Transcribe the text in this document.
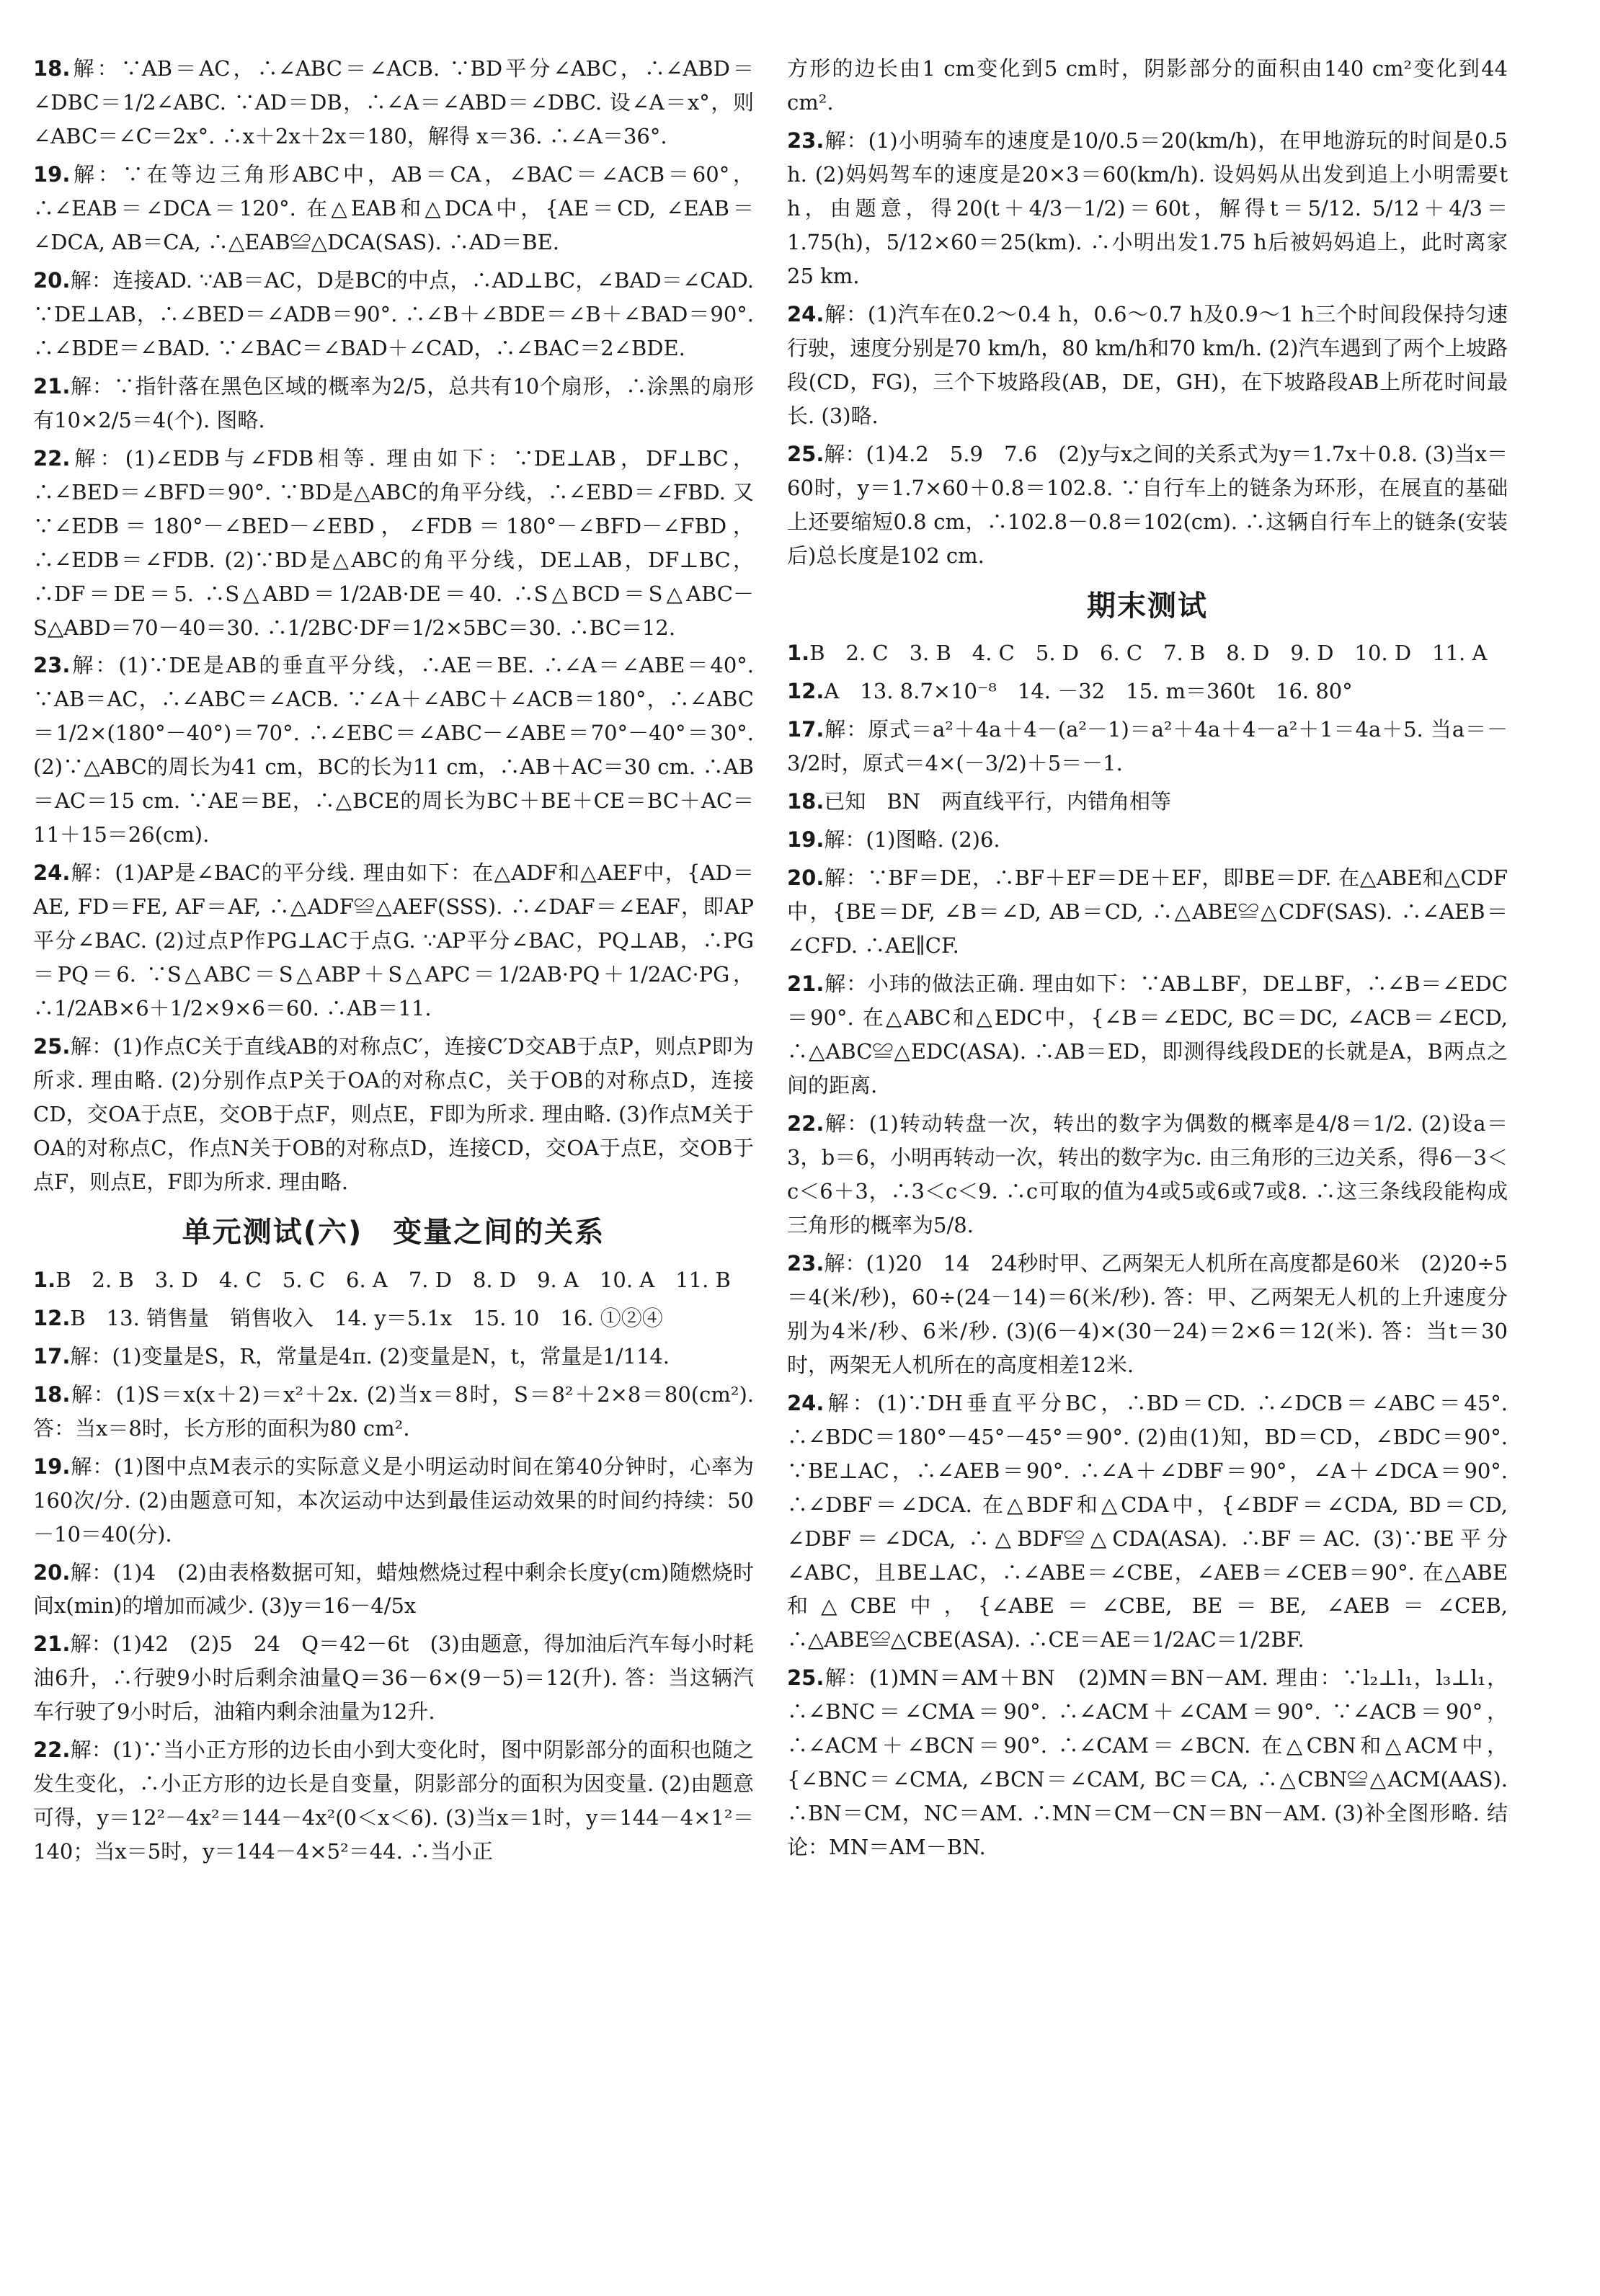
18.解：∵AB＝AC，∴∠ABC＝∠ACB. ∵BD平分∠ABC，∴∠ABD＝∠DBC＝1/2∠ABC. ∵AD＝DB，∴∠A＝∠ABD＝∠DBC. 设∠A＝x°，则∠ABC＝∠C＝2x°. ∴x＋2x＋2x＝180，解得 x＝36. ∴∠A＝36°.
19.解：∵在等边三角形ABC中，AB＝CA，∠BAC＝∠ACB＝60°，∴∠EAB＝∠DCA＝120°. 在△EAB和△DCA中，{AE＝CD, ∠EAB＝∠DCA, AB＝CA, ∴△EAB≌△DCA(SAS). ∴AD＝BE.
20.解：连接AD. ∵AB＝AC，D是BC的中点，∴AD⊥BC，∠BAD＝∠CAD. ∵DE⊥AB，∴∠BED＝∠ADB＝90°. ∴∠B＋∠BDE＝∠B＋∠BAD＝90°. ∴∠BDE＝∠BAD. ∵∠BAC＝∠BAD＋∠CAD，∴∠BAC＝2∠BDE.
21.解：∵指针落在黑色区域的概率为2/5，总共有10个扇形，∴涂黑的扇形有10×2/5＝4(个). 图略.
22.解：(1)∠EDB与∠FDB相等. 理由如下：∵DE⊥AB，DF⊥BC，∴∠BED＝∠BFD＝90°. ∵BD是△ABC的角平分线，∴∠EBD＝∠FBD. 又∵∠EDB＝180°－∠BED－∠EBD，∠FDB＝180°－∠BFD－∠FBD，∴∠EDB＝∠FDB. (2)∵BD是△ABC的角平分线，DE⊥AB，DF⊥BC，∴DF＝DE＝5. ∴S△ABD＝1/2AB·DE＝40. ∴S△BCD＝S△ABC－S△ABD＝70－40＝30. ∴1/2BC·DF＝1/2×5BC＝30. ∴BC＝12.
23.解：(1)∵DE是AB的垂直平分线，∴AE＝BE. ∴∠A＝∠ABE＝40°. ∵AB＝AC，∴∠ABC＝∠ACB. ∵∠A＋∠ABC＋∠ACB＝180°，∴∠ABC＝1/2×(180°－40°)＝70°. ∴∠EBC＝∠ABC－∠ABE＝70°－40°＝30°. (2)∵△ABC的周长为41 cm，BC的长为11 cm，∴AB＋AC＝30 cm. ∴AB＝AC＝15 cm. ∵AE＝BE，∴△BCE的周长为BC＋BE＋CE＝BC＋AC＝11＋15＝26(cm).
24.解：(1)AP是∠BAC的平分线. 理由如下：在△ADF和△AEF中，{AD＝AE, FD＝FE, AF＝AF, ∴△ADF≌△AEF(SSS). ∴∠DAF＝∠EAF，即AP平分∠BAC. (2)过点P作PG⊥AC于点G. ∵AP平分∠BAC，PQ⊥AB，∴PG＝PQ＝6. ∵S△ABC＝S△ABP＋S△APC＝1/2AB·PQ＋1/2AC·PG，∴1/2AB×6＋1/2×9×6＝60. ∴AB＝11.
25.解：(1)作点C关于直线AB的对称点C′，连接C′D交AB于点P，则点P即为所求. 理由略. (2)分别作点P关于OA的对称点C，关于OB的对称点D，连接CD，交OA于点E，交OB于点F，则点E，F即为所求. 理由略. (3)作点M关于OA的对称点C，作点N关于OB的对称点D，连接CD，交OA于点E，交OB于点F，则点E，F即为所求. 理由略.
单元测试(六)　变量之间的关系
1.B　2. B　3. D　4. C　5. C　6. A　7. D　8. D　9. A　10. A　11. B
12.B　13. 销售量　销售收入　14. y＝5.1x　15. 10　16. ①②④
17.解：(1)变量是S，R，常量是4π. (2)变量是N，t，常量是1/114.
18.解：(1)S＝x(x＋2)＝x²＋2x. (2)当x＝8时，S＝8²＋2×8＝80(cm²). 答：当x＝8时，长方形的面积为80 cm².
19.解：(1)图中点M表示的实际意义是小明运动时间在第40分钟时，心率为160次/分. (2)由题意可知，本次运动中达到最佳运动效果的时间约持续：50－10＝40(分).
20.解：(1)4　(2)由表格数据可知，蜡烛燃烧过程中剩余长度y(cm)随燃烧时间x(min)的增加而减少. (3)y＝16－4/5x
21.解：(1)42　(2)5　24　Q＝42－6t　(3)由题意，得加油后汽车每小时耗油6升，∴行驶9小时后剩余油量Q＝36－6×(9－5)＝12(升). 答：当这辆汽车行驶了9小时后，油箱内剩余油量为12升.
22.解：(1)∵当小正方形的边长由小到大变化时，图中阴影部分的面积也随之发生变化，∴小正方形的边长是自变量，阴影部分的面积为因变量. (2)由题意可得，y＝12²－4x²＝144－4x²(0＜x＜6). (3)当x＝1时，y＝144－4×1²＝140；当x＝5时，y＝144－4×5²＝44. ∴当小正
方形的边长由1 cm变化到5 cm时，阴影部分的面积由140 cm²变化到44 cm².
23.解：(1)小明骑车的速度是10/0.5＝20(km/h)，在甲地游玩的时间是0.5 h. (2)妈妈驾车的速度是20×3＝60(km/h). 设妈妈从出发到追上小明需要t h，由题意，得20(t＋4/3－1/2)＝60t，解得t＝5/12. 5/12＋4/3＝1.75(h)，5/12×60＝25(km). ∴小明出发1.75 h后被妈妈追上，此时离家25 km.
24.解：(1)汽车在0.2～0.4 h，0.6～0.7 h及0.9～1 h三个时间段保持匀速行驶，速度分别是70 km/h，80 km/h和70 km/h. (2)汽车遇到了两个上坡路段(CD，FG)，三个下坡路段(AB，DE，GH)，在下坡路段AB上所花时间最长. (3)略.
25.解：(1)4.2　5.9　7.6　(2)y与x之间的关系式为y＝1.7x＋0.8. (3)当x＝60时，y＝1.7×60＋0.8＝102.8. ∵自行车上的链条为环形，在展直的基础上还要缩短0.8 cm，∴102.8－0.8＝102(cm). ∴这辆自行车上的链条(安装后)总长度是102 cm.
期末测试
1.B　2. C　3. B　4. C　5. D　6. C　7. B　8. D　9. D　10. D　11. A
12.A　13. 8.7×10⁻⁸　14. －32　15. m＝360t　16. 80°
17.解：原式＝a²＋4a＋4－(a²－1)＝a²＋4a＋4－a²＋1＝4a＋5. 当a＝－3/2时，原式＝4×(－3/2)＋5＝－1.
18.已知　BN　两直线平行，内错角相等
19.解：(1)图略. (2)6.
20.解：∵BF＝DE，∴BF＋EF＝DE＋EF，即BE＝DF. 在△ABE和△CDF中，{BE＝DF, ∠B＝∠D, AB＝CD, ∴△ABE≌△CDF(SAS). ∴∠AEB＝∠CFD. ∴AE∥CF.
21.解：小玮的做法正确. 理由如下：∵AB⊥BF，DE⊥BF，∴∠B＝∠EDC＝90°. 在△ABC和△EDC中，{∠B＝∠EDC, BC＝DC, ∠ACB＝∠ECD, ∴△ABC≌△EDC(ASA). ∴AB＝ED，即测得线段DE的长就是A，B两点之间的距离.
22.解：(1)转动转盘一次，转出的数字为偶数的概率是4/8＝1/2. (2)设a＝3，b＝6，小明再转动一次，转出的数字为c. 由三角形的三边关系，得6－3＜c＜6＋3，∴3＜c＜9. ∴c可取的值为4或5或6或7或8. ∴这三条线段能构成三角形的概率为5/8.
23.解：(1)20　14　24秒时甲、乙两架无人机所在高度都是60米　(2)20÷5＝4(米/秒)，60÷(24－14)＝6(米/秒). 答：甲、乙两架无人机的上升速度分别为4米/秒、6米/秒. (3)(6－4)×(30－24)＝2×6＝12(米). 答：当t＝30时，两架无人机所在的高度相差12米.
24.解：(1)∵DH垂直平分BC，∴BD＝CD. ∴∠DCB＝∠ABC＝45°. ∴∠BDC＝180°－45°－45°＝90°. (2)由(1)知，BD＝CD，∠BDC＝90°. ∵BE⊥AC，∴∠AEB＝90°. ∴∠A＋∠DBF＝90°，∠A＋∠DCA＝90°. ∴∠DBF＝∠DCA. 在△BDF和△CDA中，{∠BDF＝∠CDA, BD＝CD, ∠DBF＝∠DCA, ∴△BDF≌△CDA(ASA). ∴BF＝AC. (3)∵BE平分∠ABC，且BE⊥AC，∴∠ABE＝∠CBE，∠AEB＝∠CEB＝90°. 在△ABE和△CBE中，{∠ABE＝∠CBE, BE＝BE, ∠AEB＝∠CEB, ∴△ABE≌△CBE(ASA). ∴CE＝AE＝1/2AC＝1/2BF.
25.解：(1)MN＝AM＋BN　(2)MN＝BN－AM. 理由：∵l₂⊥l₁，l₃⊥l₁，∴∠BNC＝∠CMA＝90°. ∴∠ACM＋∠CAM＝90°. ∵∠ACB＝90°，∴∠ACM＋∠BCN＝90°. ∴∠CAM＝∠BCN. 在△CBN和△ACM中，{∠BNC＝∠CMA, ∠BCN＝∠CAM, BC＝CA, ∴△CBN≌△ACM(AAS). ∴BN＝CM，NC＝AM. ∴MN＝CM－CN＝BN－AM. (3)补全图形略. 结论：MN＝AM－BN.
